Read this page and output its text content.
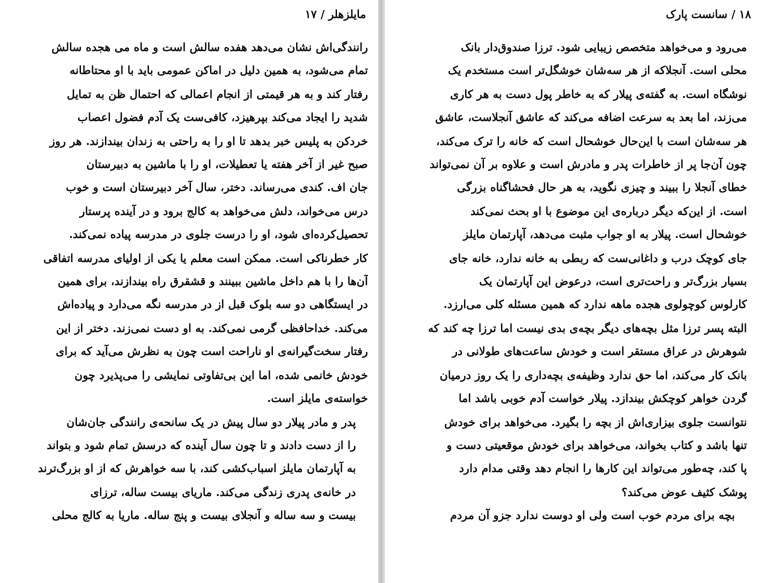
مایلزهلر / ۱۷

رانندگی‌اش نشان می‌دهد هفده سالش است و ماه می هجده سالش
تمام می‌شود، به همین دلیل در اماکن عمومی باید با او محتاطانه
رفتار کند و به هر قیمتی از انجام اعمالی که احتمال ظن به تمایل
شدید را ایجاد می‌کند بپرهیزد، کافی‌ست یک آدم فضول اعصاب
خردکن به پلیس خبر بدهد تا او را به راحتی به زندان بیندازند. هر روز
صبح غیر از آخر هفته یا تعطیلات، او را با ماشین به دبیرستان
جان اف. کندی می‌رساند. دختر، سال آخر دبیرستان است و خوب
درس می‌خواند، دلش می‌خواهد به کالج برود و در آینده پرستار
تحصیل‌کرده‌ای شود، او را درست جلوی در مدرسه پیاده نمی‌کند.
کار خطرناکی است. ممکن است معلم یا یکی از اولیای مدرسه اتفاقی
آن‌ها را با هم داخل ماشین ببینند و قشقرق راه بیندازند، برای همین
در ایستگاهی دو سه بلوک قبل از در مدرسه نگه می‌دارد و پیاده‌اش
می‌کند. خداحافظی گرمی نمی‌کند. به او دست نمی‌زند. دختر از این
رفتار سخت‌گیرانه‌ی او ناراحت است چون به نظرش می‌آید که برای
خودش خانمی شده، اما این بی‌تفاوتی نمایشی را می‌پذیرد چون
خواسته‌ی مایلز است.

پدر و مادر پیلار دو سال پیش در یک سانحه‌ی رانندگی جان‌شان
را از دست دادند و تا چون سال آینده که درسش تمام شود و بتواند
به آپارتمان مایلز اسباب‌کشی کند، با سه خواهرش که از او بزرگ‌ترند
در خانه‌ی پدری زندگی می‌کند. ماریای بیست ساله، ترزای
بیست و سه ساله و آنجلای بیست و پنج ساله. ماریا به کالج محلی

۱۸ / سانست پارک

می‌رود و می‌خواهد متخصص زیبایی شود. ترزا صندوق‌دار بانک
محلی است. آنجلاکه از هر سه‌شان خوشگل‌تر است مستخدم یک
نوشگاه است. به گفته‌ی پیلار که به خاطر پول دست به هر کاری
می‌زند، اما بعد به سرعت اضافه می‌کند که عاشق آنجلاست، عاشق
هر سه‌شان است با این‌حال خوشحال است که خانه را ترک می‌کند،
چون آن‌جا پر از خاطرات پدر و مادرش است و علاوه بر آن نمی‌تواند
خطای آنجلا را ببیند و چیزی نگوید، به هر حال فحشاگناه بزرگی
است. از این‌که دیگر درباره‌ی این موضوع با او بحث نمی‌کند
خوشحال است. پیلار به او جواب مثبت می‌دهد، آپارتمان مایلز
جای کوچک درب و داغانی‌ست که ربطی به خانه ندارد، خانه جای
بسیار بزرگ‌تر و راحت‌تری است، درعوض این آپارتمان یک
کارلوس کوچولوی هجده ماهه ندارد که همین مسئله کلی می‌ارزد.
البته پسر ترزا مثل بچه‌های دیگر بچه‌ی بدی نیست اما ترزا چه کند که
شوهرش در عراق مستقر است و خودش ساعت‌های طولانی در
بانک کار می‌کند، اما حق ندارد وظیفه‌ی بچه‌داری را یک روز درمیان
گردن خواهر کوچکش بیندازد. پیلار خواست آدم خوبی باشد اما
نتوانست جلوی بیزاری‌اش از بچه را بگیرد. می‌خواهد برای خودش
تنها باشد و کتاب بخواند، می‌خواهد برای خودش موقعیتی دست و
پا کند، چه‌طور می‌تواند این کارها را انجام دهد وقتی مدام دارد
پوشک کثیف عوض می‌کند؟

بچه برای مردم خوب است ولی او دوست ندارد جزو آن مردم
